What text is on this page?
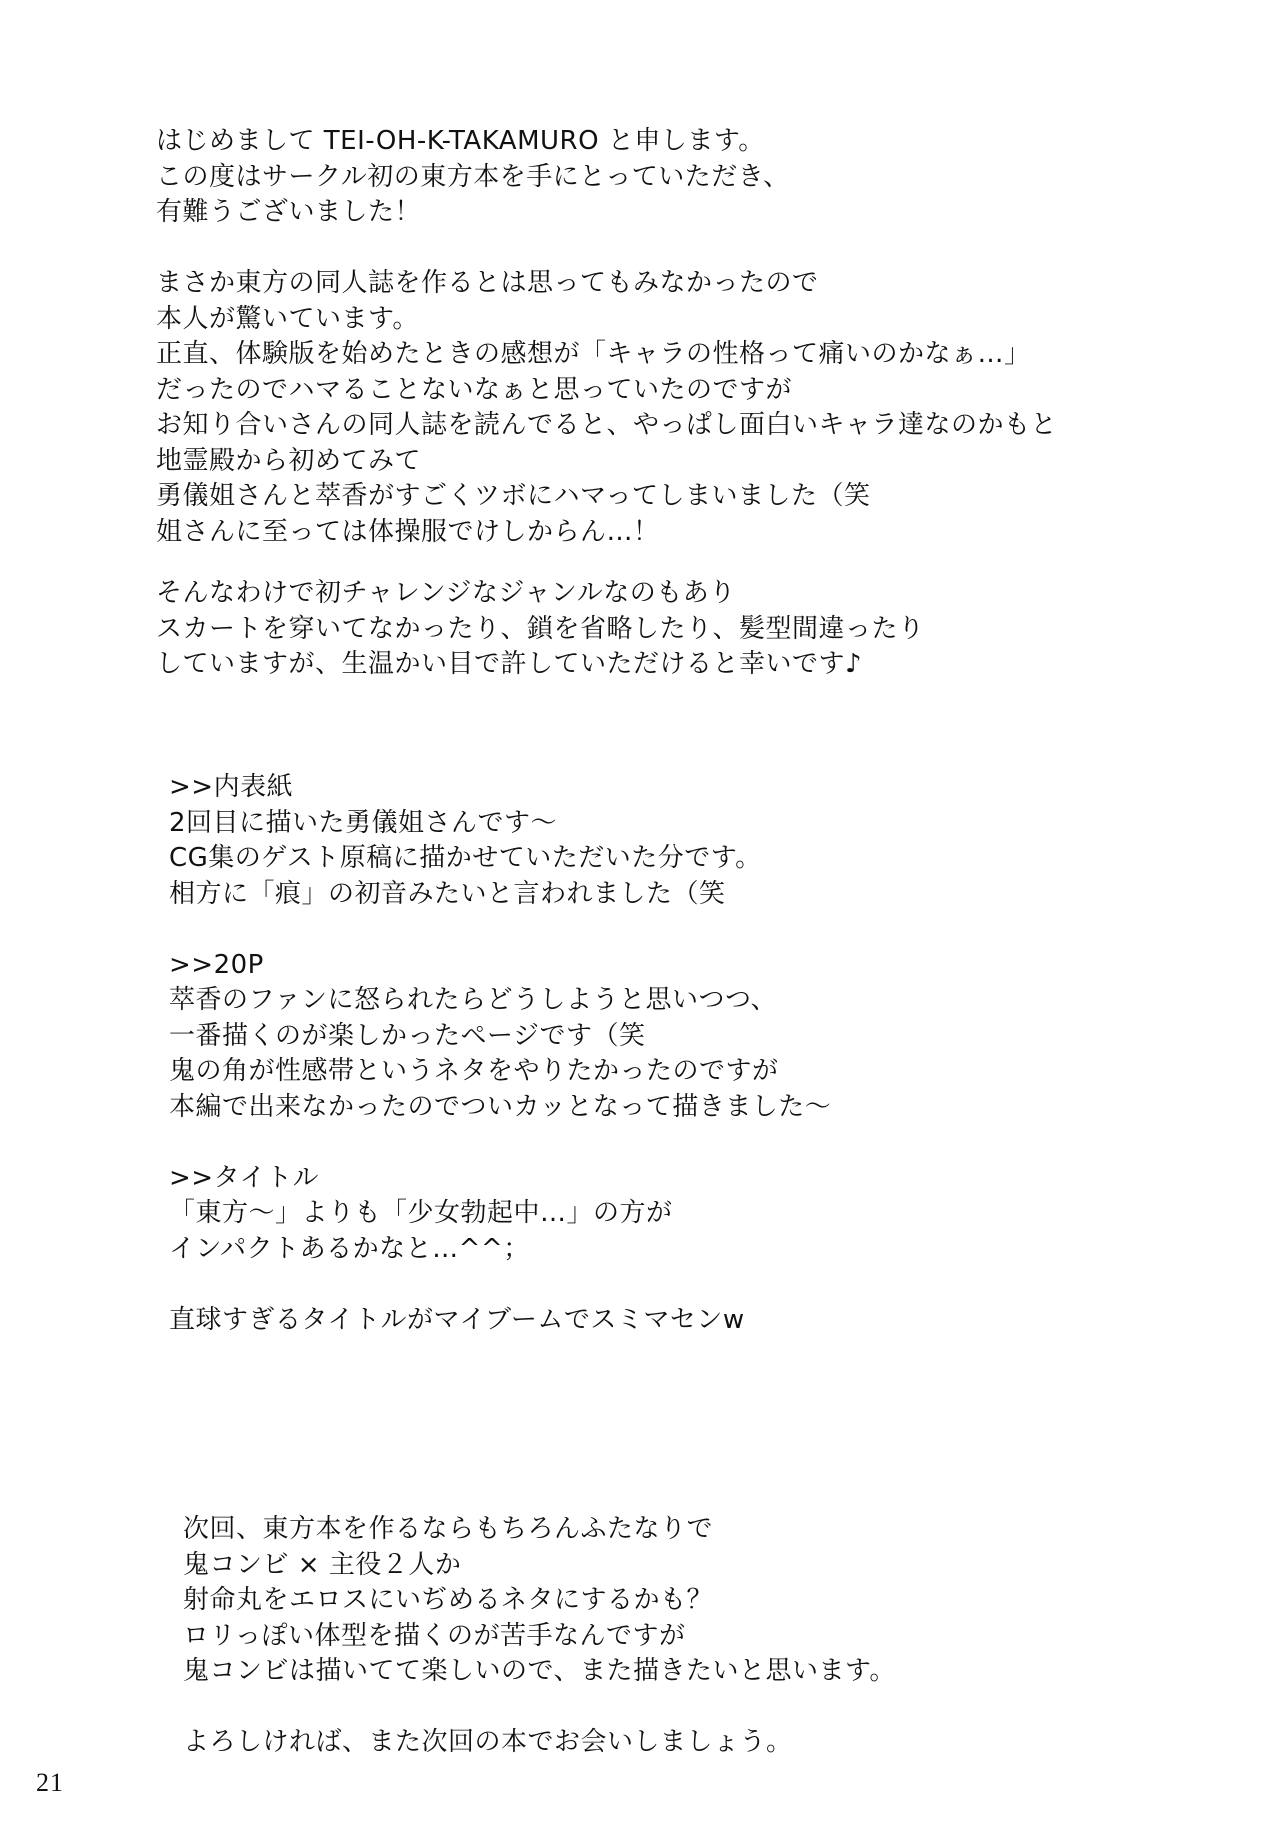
はじめまして TEI-OH-K-TAKAMURO と申します。
この度はサークル初の東方本を手にとっていただき、
有難うございました！
まさか東方の同人誌を作るとは思ってもみなかったので
本人が驚いています。
正直、体験版を始めたときの感想が「キャラの性格って痛いのかなぁ…」
だったのでハマることないなぁと思っていたのですが
お知り合いさんの同人誌を読んでると、やっぱし面白いキャラ達なのかもと
地霊殿から初めてみて
勇儀姐さんと萃香がすごくツボにハマってしまいました（笑
姐さんに至っては体操服でけしからん…！
そんなわけで初チャレンジなジャンルなのもあり
スカートを穿いてなかったり、鎖を省略したり、髪型間違ったり
していますが、生温かい目で許していただけると幸いです♪
>>内表紙
2回目に描いた勇儀姐さんです～
CG集のゲスト原稿に描かせていただいた分です。
相方に「痕」の初音みたいと言われました（笑
>>20P
萃香のファンに怒られたらどうしようと思いつつ、
一番描くのが楽しかったページです（笑
鬼の角が性感帯というネタをやりたかったのですが
本編で出来なかったのでついカッとなって描きました～
>>タイトル
「東方～」よりも「少女勃起中…」の方が
インパクトあるかなと…^^；
直球すぎるタイトルがマイブームでスミマセンw
次回、東方本を作るならもちろんふたなりで
鬼コンビ × 主役２人か
射命丸をエロスにいぢめるネタにするかも？
ロリっぽい体型を描くのが苦手なんですが
鬼コンビは描いてて楽しいので、また描きたいと思います。
よろしければ、また次回の本でお会いしましょう。
21
